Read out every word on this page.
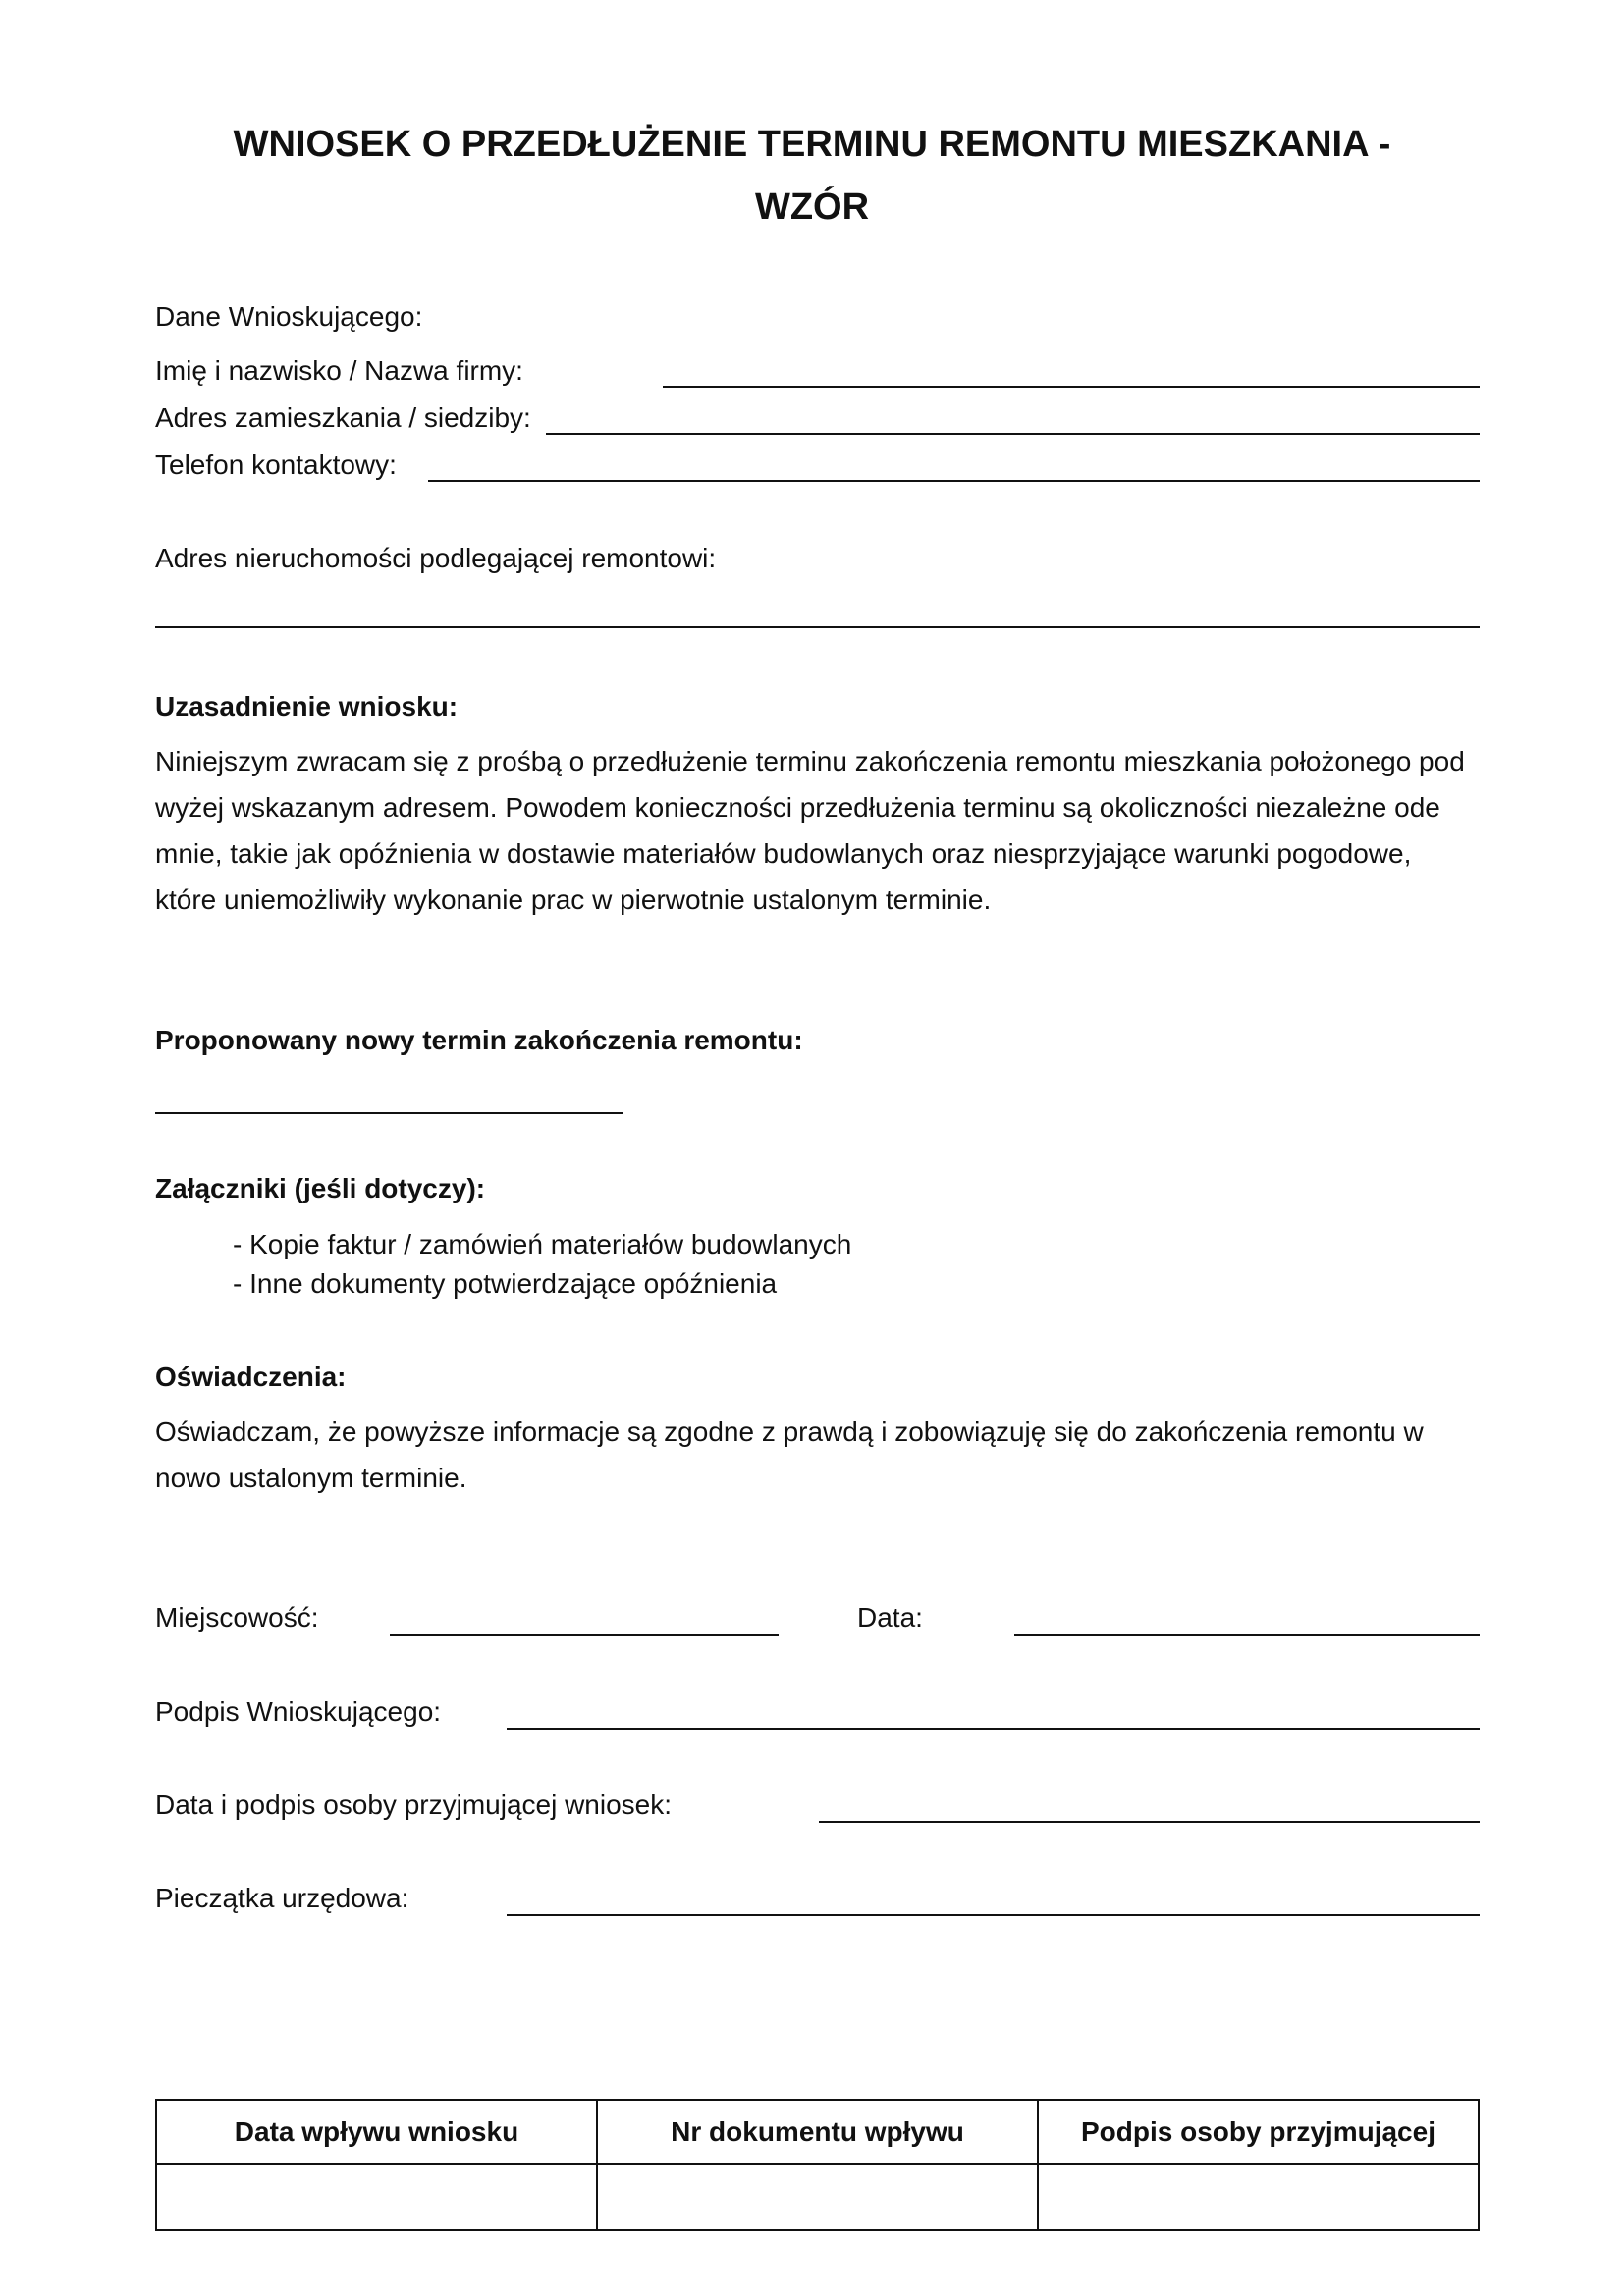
WNIOSEK O PRZEDŁUŻENIE TERMINU REMONTU MIESZKANIA -
WZÓR
Dane Wnioskującego:
Imię i nazwisko / Nazwa firmy:
Adres zamieszkania / siedziby:
Telefon kontaktowy:
Adres nieruchomości podlegającej remontowi:
Uzasadnienie wniosku:
Niniejszym zwracam się z prośbą o przedłużenie terminu zakończenia remontu mieszkania położonego pod
wyżej wskazanym adresem. Powodem konieczności przedłużenia terminu są okoliczności niezależne ode
mnie, takie jak opóźnienia w dostawie materiałów budowlanych oraz niesprzyjające warunki pogodowe,
które uniemożliwiły wykonanie prac w pierwotnie ustalonym terminie.
Proponowany nowy termin zakończenia remontu:
Załączniki (jeśli dotyczy):
- Kopie faktur / zamówień materiałów budowlanych
- Inne dokumenty potwierdzające opóźnienia
Oświadczenia:
Oświadczam, że powyższe informacje są zgodne z prawdą i zobowiązuję się do zakończenia remontu w
nowo ustalonym terminie.
Miejscowość:	Data:
Podpis Wnioskującego:
Data i podpis osoby przyjmującej wniosek:
Pieczątka urzędowa:
Data wpływu wniosku	Nr dokumentu wpływu	Podpis osoby przyjmującej
